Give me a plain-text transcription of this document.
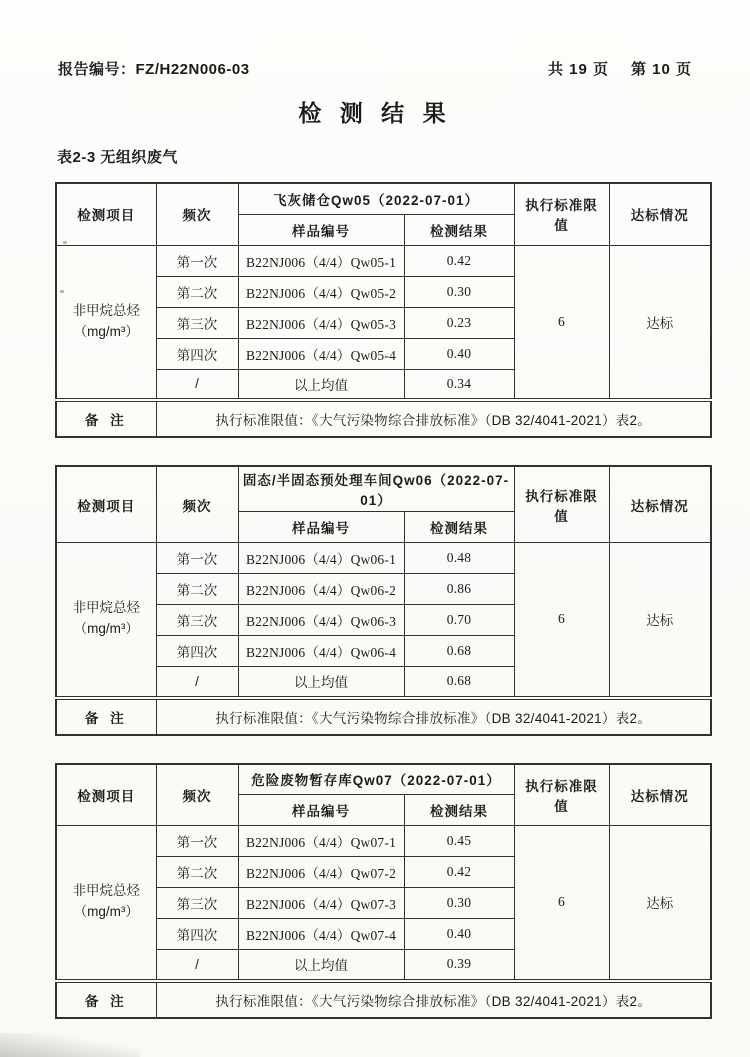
报告编号：FZ/H22N006-03	共 19 页 第 10 页
检 测 结 果
表2-3 无组织废气
检测项目	频次	飞灰储仓Qw05（2022-07-01）		执行标准限值	达标情况
		样品编号	检测结果		

非甲烷总烃
（mg/m³）	第一次	B22NJ006（4/4）Qw05-1	0.42	6	达标
	第二次	B22NJ006（4/4）Qw05-2	0.30		
	第三次	B22NJ006（4/4）Qw05-3	0.23		
	第四次	B22NJ006（4/4）Qw05-4	0.40		
	/	以上均值	0.34		
备 注	执行标准限值：《大气污染物综合排放标准》（DB 32/4041-2021）表2。				
检测项目	频次	固态/半固态预处理车间Qw06（2022-07-01）		执行标准限值	达标情况
		样品编号	检测结果		

非甲烷总烃
（mg/m³）	第一次	B22NJ006（4/4）Qw06-1	0.48	6	达标
	第二次	B22NJ006（4/4）Qw06-2	0.86		
	第三次	B22NJ006（4/4）Qw06-3	0.70		
	第四次	B22NJ006（4/4）Qw06-4	0.68		
	/	以上均值	0.68		
备 注	执行标准限值：《大气污染物综合排放标准》（DB 32/4041-2021）表2。				
检测项目	频次	危险废物暂存库Qw07（2022-07-01）		执行标准限值	达标情况
		样品编号	检测结果		

非甲烷总烃
（mg/m³）	第一次	B22NJ006（4/4）Qw07-1	0.45	6	达标
	第二次	B22NJ006（4/4）Qw07-2	0.42		
	第三次	B22NJ006（4/4）Qw07-3	0.30		
	第四次	B22NJ006（4/4）Qw07-4	0.40		
	/	以上均值	0.39		
备 注	执行标准限值：《大气污染物综合排放标准》（DB 32/4041-2021）表2。				
